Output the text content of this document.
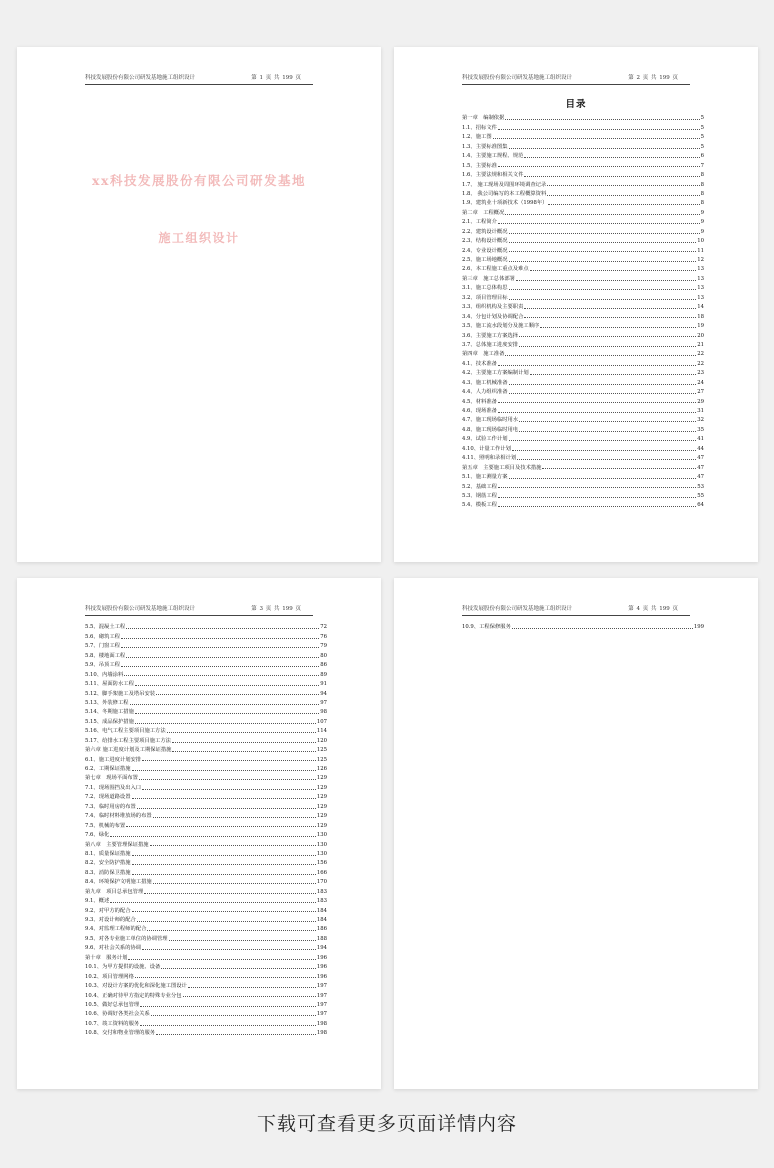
科技发展股份有限公司研发基地施工组织设计	第 1 页 共 199 页
​
xx科技发展股份有限公司研发基地
施工组织设计
科技发展股份有限公司研发基地施工组织设计	第 2 页 共 199 页
目录
第一章　编制依据	5
1.1、招标文件	5
1.2、施工图	5
1.3、主要标准图集	5
1.4、主要施工规程、规范	6
1.5、主要标准	7
1.6、主要法规和相关文件	8
1.7、 施工现场及周围环境调查记录	8
1.8、 我公司编写的本工程概算资料	8
1.9、建筑业十项新技术（1998年）	8
第二章　工程概况	9
2.1、工程简介	9
2.2、建筑设计概况	9
2.3、结构设计概况	10
2.4、专业设计概况	11
2.5、施工场地概况	12
2.6、本工程施工重点及难点	13
第三章　施工总体部署	13
3.1、施工总体构思	13
3.2、项目管理目标	13
3.3、组织机构及主要职责	14
3.4、分包计划及协调配合	18
3.5、施工流水段划分及施工顺序	19
3.6、主要施工方案选择	20
3.7、总体施工进度安排	21
第四章　施工准备	22
4.1、技术准备	22
4.2、主要施工方案编制计划	23
4.3、施工机械准备	24
4.4、人力组织准备	27
4.5、材料准备	29
4.6、现场准备	31
4.7、施工现场临时用水	32
4.8、施工现场临时用电	35
4.9、试验工作计划	41
4.10、计量工作计划	44
4.11、照明和录相计划	47
第五章　主要施工项目及技术措施	47
5.1、施工测量方案	47
5.2、基础工程	53
5.3、钢筋工程	55
5.4、模板工程	64
科技发展股份有限公司研发基地施工组织设计	第 3 页 共 199 页
5.5、混凝土工程	72
5.6、砌筑工程	76
5.7、门窗工程	79
5.8、楼地面工程	80
5.9、吊顶工程	86
5.10、内墙涂料	89
5.11、屋面防水工程	91
5.12、脚手架施工及塔吊安装	94
5.13、外装修工程	97
5.14、冬期施工措施	98
5.15、成品保护措施	107
5.16、电气工程主要项目施工方法	114
5.17、给排水工程主要项目施工方法	120
第六章 施工进度计划及工期保证措施	125
6.1、施工进度计划安排	125
6.2、工期保证措施	126
第七章　现场平面布置	129
7.1、现场围挡及出入口	129
7.2、现场道路设置	129
7.3、临时用房的布置	129
7.4、临时材料堆放场的布置	129
7.5、机械的布置	129
7.6、绿化	130
第八章　主要管理保证措施	130
8.1、质量保证措施	130
8.2、安全防护措施	156
8.3、消防保卫措施	166
8.4、环境保护文明施工措施	170
第九章　项目总承包管理	183
9.1、概述	183
9.2、对甲方的配合	184
9.3、对设计师的配合	184
9.4、对监理工程师的配合	186
9.5、对各专业施工单位的协调管理	188
9.6、对社会关系的协调	194
第十章　服务计划	196
10.1、为甲方提供的设施、设备	196
10.2、项目管理网络	196
10.3、对设计方案的优化和深化施工图设计	197
10.4、正确对待甲方指定的特殊专业分包	197
10.5、做好总承包管理	197
10.6、协调好各类社会关系	197
10.7、竣工资料的服务	198
10.8、交付和物业管理的服务	198
科技发展股份有限公司研发基地施工组织设计	第 4 页 共 199 页
10.9、工程保修服务	199
下载可查看更多页面详情内容
